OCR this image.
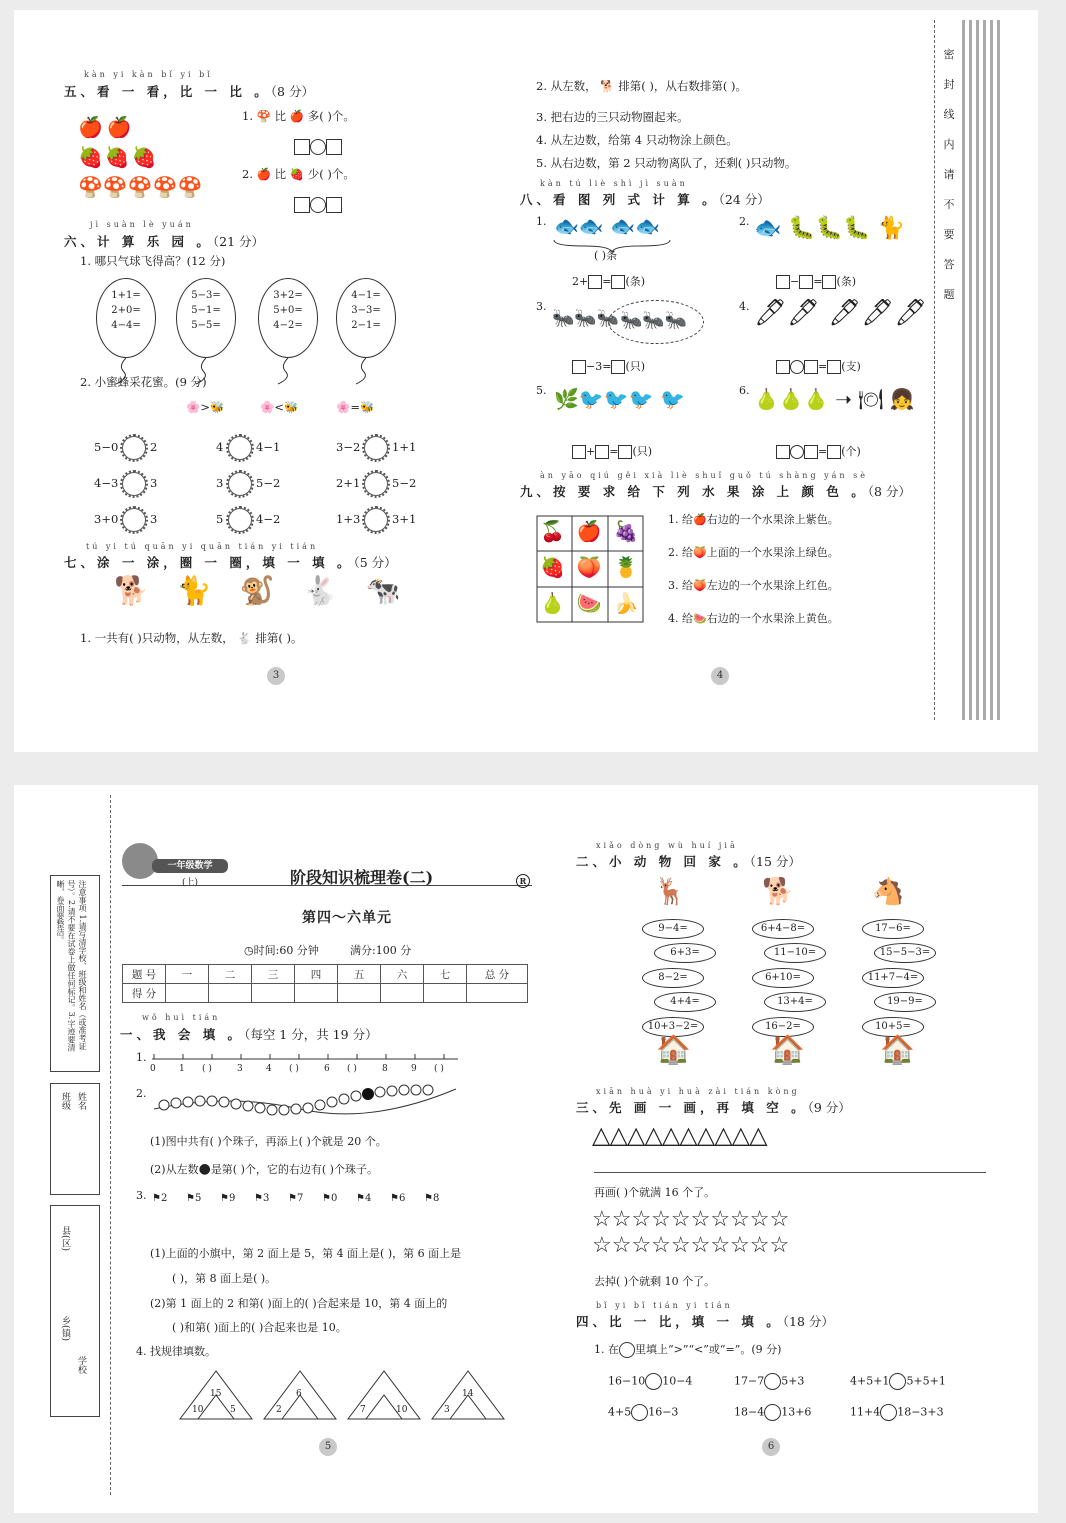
kàn yi kàn bǐ yi bǐ
五、看 一 看，比 一 比 。（8 分）
🍎🍎
🍓🍓🍓
🍄🍄🍄🍄🍄
1. 🍄 比 🍎 多( )个。
2. 🍎 比 🍓 少( )个。
jì suàn lè yuán
六、计 算 乐 园 。（21 分）
1. 哪只气球飞得高？(12 分)
1+1=
2+0=
4−4=
5−3=
5−1=
5−5=
3+2=
5+0=
4−2=
4−1=
3−3=
2−1=
2. 小蜜蜂采花蜜。(9 分)
🌸>🐝	🌸<🐝	🌸=🐝
5−0	2	4	4−1	3−2	1+1
4−3	3	3	5−2	2+1	5−2
3+0	3	5	4−2	1+3	3+1
tú yi tú quān yi quān tián yi tián
七、涂 一 涂，圈 一 圈，填 一 填 。（5 分）
🐕🐈🐒🐇🐄
1. 一共有( )只动物，从左数， 🐇 排第( )。
3
2. 从左数， 🐕 排第( )，从右数排第( )。
3. 把右边的三只动物圈起来。
4. 从左边数，给第 4 只动物涂上颜色。
5. 从右边数，第 2 只动物离队了，还剩( )只动物。
kàn tú liè shì jì suàn
八、看 图 列 式 计 算 。（24 分）
1. 🐟🐟 🐟🐟
( )条
2+ = (条)
2. 🐟 🐛🐛🐛 🐈
− = (条)
3.
🐜🐜🐜 🐜🐜🐜
−3= (只)
4. 🖊🖊 🖊🖊🖊
= (支)
5. 🌿🐦🐦🐦 🐦
+ = (只)
6. 🍐🍐🍐 ➝ 🍽 👧
= (个)
àn yāo qiú gěi xià liè shuǐ guǒ tú shàng yán sè
九、按 要 求 给 下 列 水 果 涂 上 颜 色 。（8 分）
🍒🍎🍇
🍓🍑🍍
🍐🍉🍌
1. 给🍎右边的一个水果涂上紫色。
2. 给🍑上面的一个水果涂上绿色。
3. 给🍑左边的一个水果涂上红色。
4. 给🍉右边的一个水果涂上黄色。
4
密
封
线
内
请
不
要
答
题
注意事项 1.请写清学校、班级和姓名（或准考证号）。2.请不要在试卷上做任何标记。3.字迹要清晰，卷面要整洁。
班级 姓名
县(区)
乡(镇)
学校
一年级数学
(上)	阶段知识梳理卷(二)	R
第四～六单元
◷时间:60 分钟	满分:100 分
题 号	一	二	三	四	五	六	七	总 分
得 分								
wǒ huì tián
一、我 会 填 。（每空 1 分，共 19 分）
1.
0	1 ( )	3	4 ( )	6 ( )	8	9 ( )
2.
(1)图中共有( )个珠子，再添上( )个就是 20 个。
(2)从左数●是第( )个，它的右边有( )个珠子。
3. ⚑2 ⚑5 ⚑9 ⚑3 ⚑7 ⚑0 ⚑4 ⚑6 ⚑8
(1)上面的小旗中，第 2 面上是 5，第 4 面上是( )，第 6 面上是
( )，第 8 面上是( )。
(2)第 1 面上的 2 和第( )面上的( )合起来是 10，第 4 面上的
( )和第( )面上的( )合起来也是 10。
4. 找规律填数。
15
10	5
6
2	7	10
14
3
5
xiǎo dòng wù huí jiā
二、小 动 物 回 家 。（15 分）
🦌	🐕	🐴
9−4=
6+3=
8−2=
4+4=
10+3−2=
6+4−8=
11−10=
6+10=
13+4=
16−2=
17−6=
15−5−3=
11+7−4=
19−9=
10+5=
🏠	🏠	🏠
xiān huà yi huà zài tián kòng
三、先 画 一 画，再 填 空 。（9 分）
△△△△△△△△△△
再画( )个就满 16 个了。
☆☆☆☆☆☆☆☆☆☆
☆☆☆☆☆☆☆☆☆☆
去掉( )个就剩 10 个了。
bǐ yi bǐ tián yi tián
四、比 一 比，填 一 填 。（18 分）
1. 在 里填上“>”“<”或“=”。(9 分)
16−10 10−4	17−7 5+3	4+5+1 5+5+1
4+5 16−3	18−4 13+6	11+4 18−3+3
6
